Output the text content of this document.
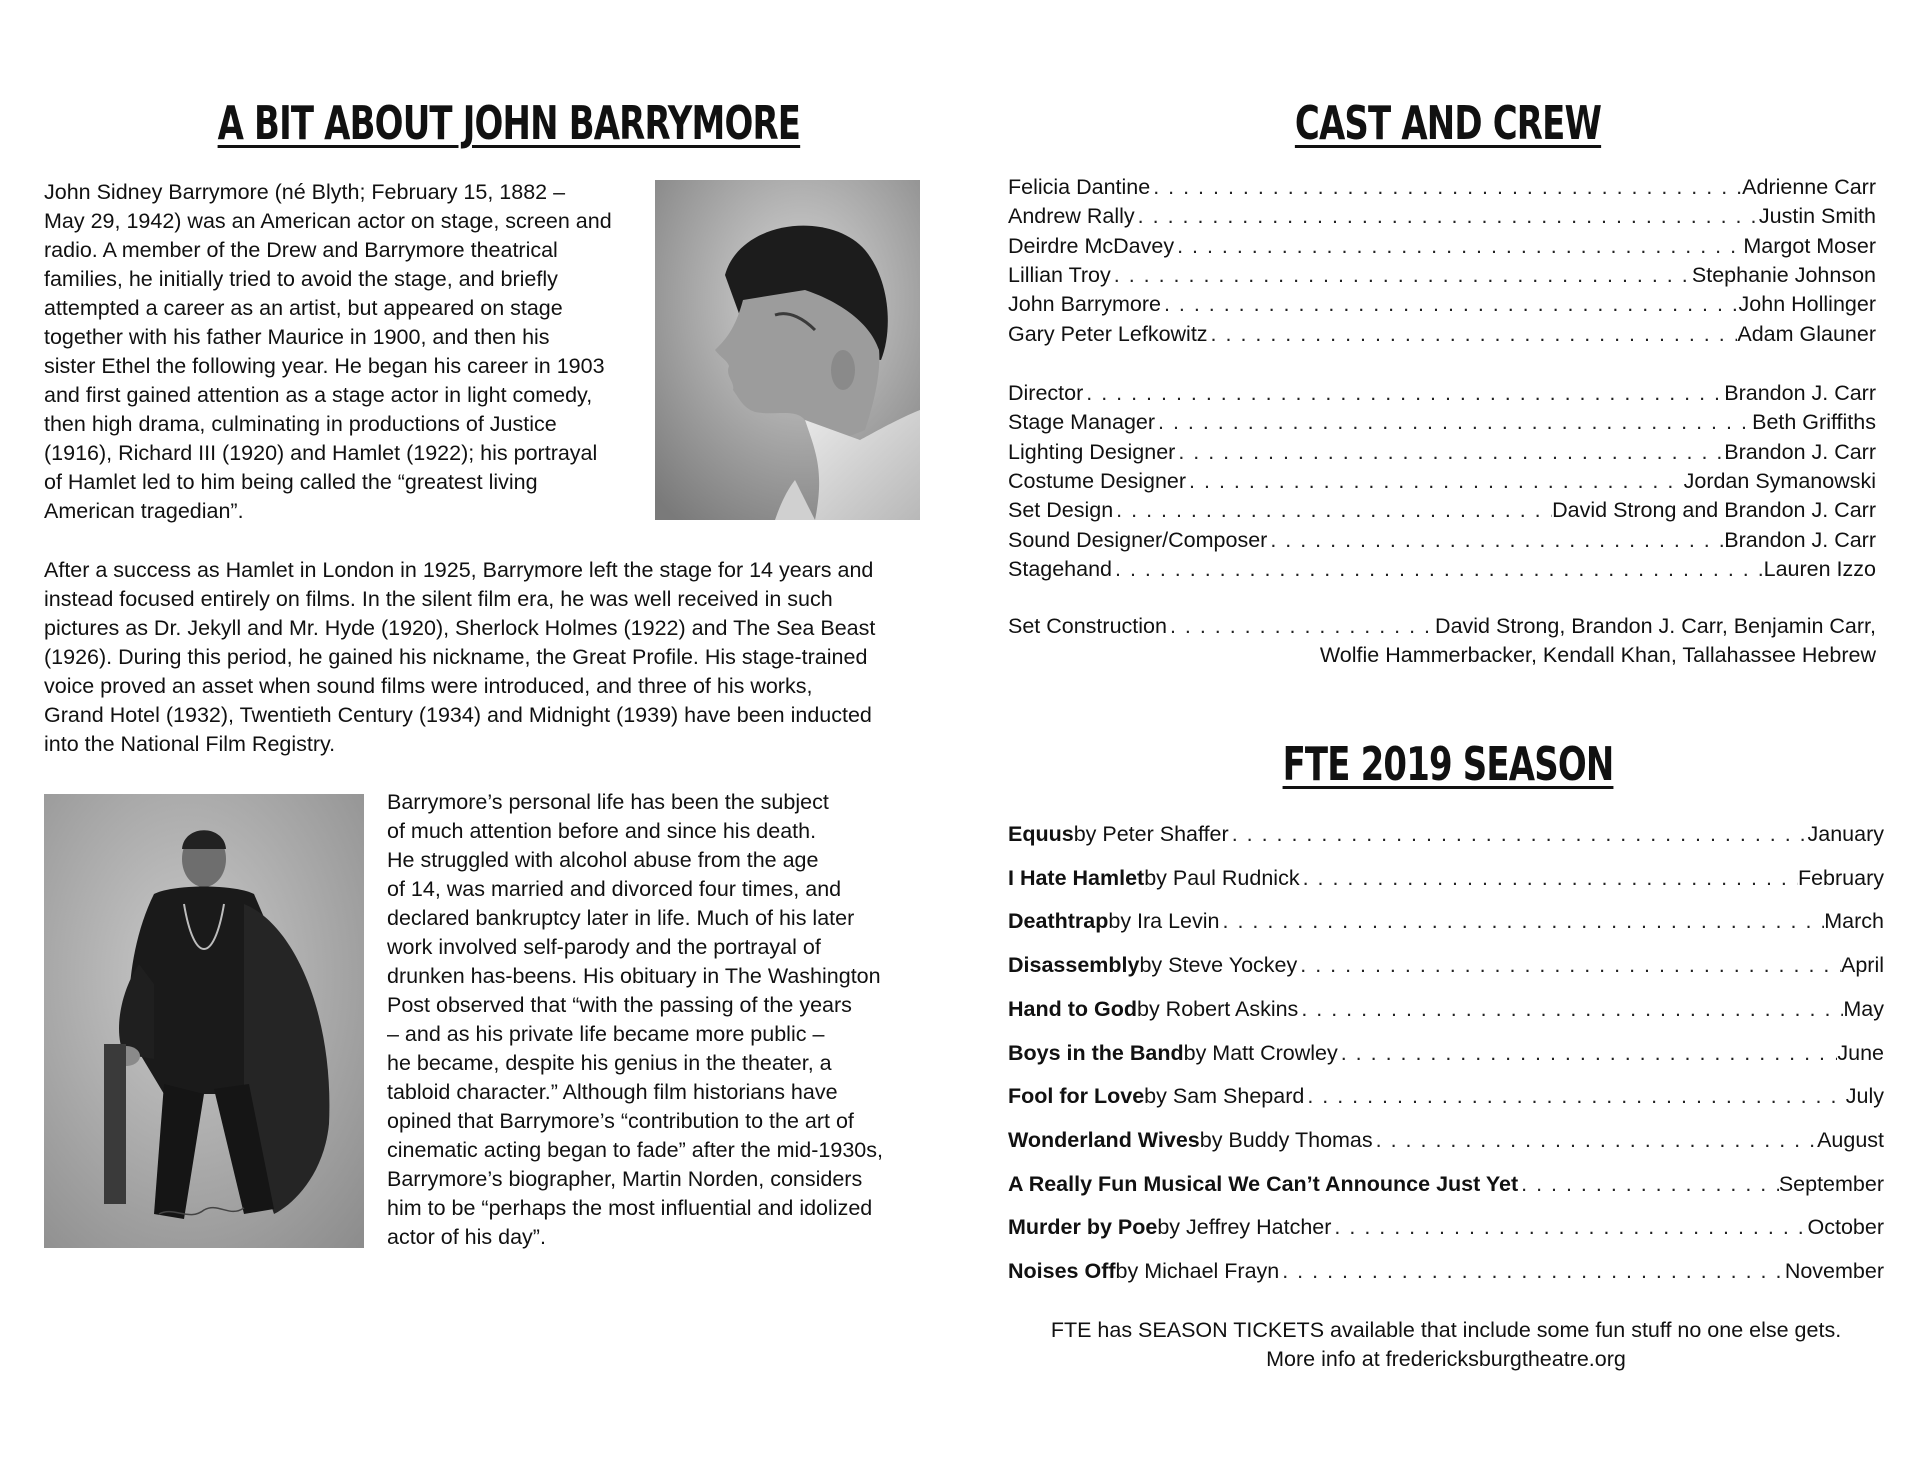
A BIT ABOUT JOHN BARRYMORE
John Sidney Barrymore (né Blyth; February 15, 1882 –
May 29, 1942) was an American actor on stage, screen and
radio. A member of the Drew and Barrymore theatrical
families, he initially tried to avoid the stage, and briefly
attempted a career as an artist, but appeared on stage
together with his father Maurice in 1900, and then his
sister Ethel the following year. He began his career in 1903
and first gained attention as a stage actor in light comedy,
then high drama, culminating in productions of Justice
(1916), Richard III (1920) and Hamlet (1922); his portrayal
of Hamlet led to him being called the “greatest living
American tragedian”.
After a success as Hamlet in London in 1925, Barrymore left the stage for 14 years and
instead focused entirely on films. In the silent film era, he was well received in such
pictures as Dr. Jekyll and Mr. Hyde (1920), Sherlock Holmes (1922) and The Sea Beast
(1926). During this period, he gained his nickname, the Great Profile. His stage-trained
voice proved an asset when sound films were introduced, and three of his works,
Grand Hotel (1932), Twentieth Century (1934) and Midnight (1939) have been inducted
into the National Film Registry.
Barrymore’s personal life has been the subject
of much attention before and since his death.
He struggled with alcohol abuse from the age
of 14, was married and divorced four times, and
declared bankruptcy later in life. Much of his later
work involved self-parody and the portrayal of
drunken has-beens. His obituary in The Washington
Post observed that “with the passing of the years
– and as his private life became more public –
he became, despite his genius in the theater, a
tabloid character.” Although film historians have
opined that Barrymore’s “contribution to the art of
cinematic acting began to fade” after the mid-1930s,
Barrymore’s biographer, Martin Norden, considers
him to be “perhaps the most influential and idolized
actor of his day”.
CAST AND CREW
Felicia Dantine . . .	Adrienne Carr
Andrew Rally . . .	Justin Smith
Deirdre McDavey . . .	Margot Moser
Lillian Troy . . .	Stephanie Johnson
John Barrymore . . .	John Hollinger
Gary Peter Lefkowitz . . .	Adam Glauner
Director . . .	Brandon J. Carr
Stage Manager . . .	Beth Griffiths
Lighting Designer . . .	Brandon J. Carr
Costume Designer . . .	Jordan Symanowski
Set Design . . .	David Strong and Brandon J. Carr
Sound Designer/Composer . . .	Brandon J. Carr
Stagehand . . .	Lauren Izzo
Set Construction . . .	David Strong, Brandon J. Carr, Benjamin Carr,
Wolfie Hammerbacker, Kendall Khan, Tallahassee Hebrew
FTE 2019 SEASON
Equus by Peter Shaffer . . .	January
I Hate Hamlet by Paul Rudnick . . .	February
Deathtrap by Ira Levin . . .	March
Disassembly by Steve Yockey . . .	April
Hand to God by Robert Askins . . .	May
Boys in the Band by Matt Crowley . . .	June
Fool for Love by Sam Shepard . . .	July
Wonderland Wives by Buddy Thomas . . .	August
A Really Fun Musical We Can’t Announce Just Yet . . .	September
Murder by Poe by Jeffrey Hatcher . . .	October
Noises Off by Michael Frayn . . .	November
FTE has SEASON TICKETS available that include some fun stuff no one else gets.
More info at fredericksburgtheatre.org
